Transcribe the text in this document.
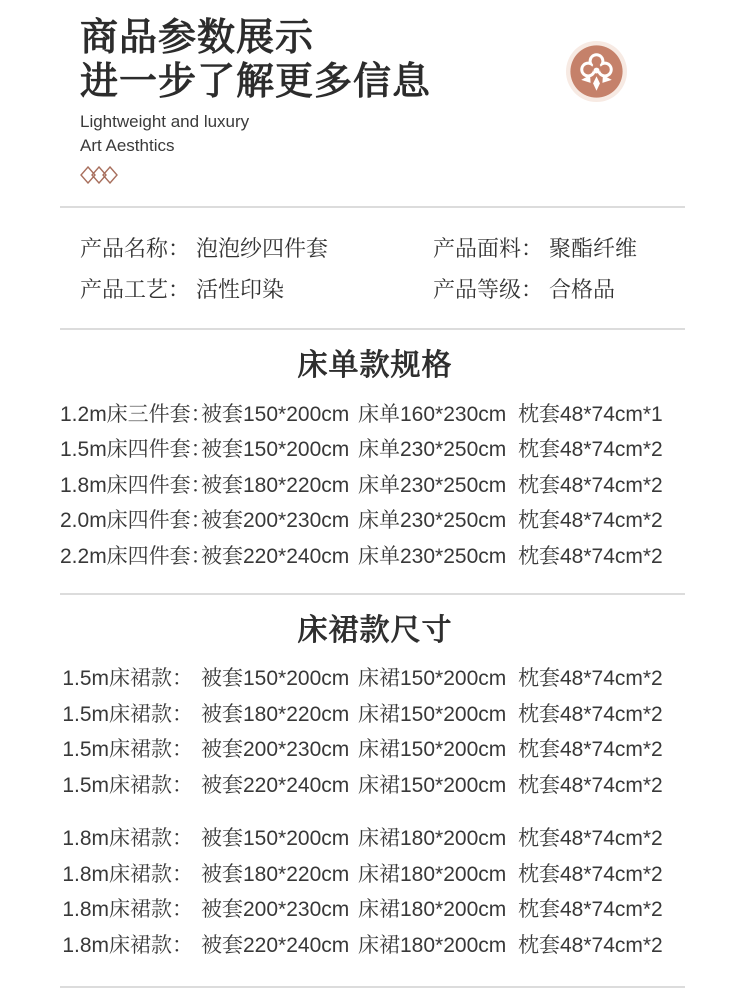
商品参数展示
进一步了解更多信息
Lightweight and luxury
Art Aesthtics
产品名称： 泡泡纱四件套	产品面料： 聚酯纤维
产品工艺： 活性印染	产品等级： 合格品
床单款规格
1.2m床三件套：
被套150*200cm 床单160*230cm 枕套48*74cm*1
1.5m床四件套：
被套150*200cm 床单230*250cm 枕套48*74cm*2
1.8m床四件套：
被套180*220cm 床单230*250cm 枕套48*74cm*2
2.0m床四件套：
被套200*230cm 床单230*250cm 枕套48*74cm*2
2.2m床四件套：
被套220*240cm 床单230*250cm 枕套48*74cm*2
床裙款尺寸
1.5m床裙款： 被套150*200cm 床裙150*200cm 枕套48*74cm*2
1.5m床裙款： 被套180*220cm 床裙150*200cm 枕套48*74cm*2
1.5m床裙款： 被套200*230cm 床裙150*200cm 枕套48*74cm*2
1.5m床裙款： 被套220*240cm 床裙150*200cm 枕套48*74cm*2
1.8m床裙款： 被套150*200cm 床裙180*200cm 枕套48*74cm*2
1.8m床裙款： 被套180*220cm 床裙180*200cm 枕套48*74cm*2
1.8m床裙款： 被套200*230cm 床裙180*200cm 枕套48*74cm*2
1.8m床裙款： 被套220*240cm 床裙180*200cm 枕套48*74cm*2
